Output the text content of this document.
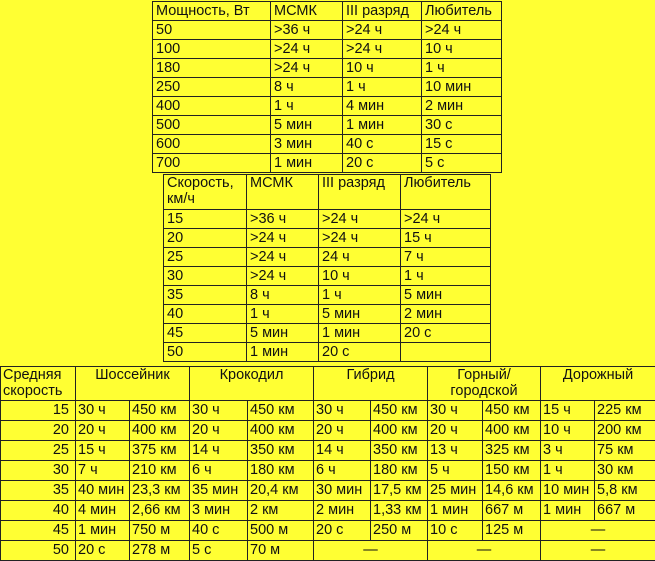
Мощность, Вт	МСМК	III разряд	Любитель
50	>36 ч	>24 ч	>24 ч
100	>24 ч	>24 ч	10 ч
180	>24 ч	10 ч	1 ч
250	8 ч	1 ч	10 мин
400	1 ч	4 мин	2 мин
500	5 мин	1 мин	30 с
600	3 мин	40 с	15 с
700	1 мин	20 с	5 с
Скорость, км/ч	МСМК	III разряд	Любитель
15	>36 ч	>24 ч	>24 ч
20	>24 ч	>24 ч	15 ч
25	>24 ч	24 ч	7 ч
30	>24 ч	10 ч	1 ч
35	8 ч	1 ч	5 мин
40	1 ч	5 мин	2 мин
45	5 мин	1 мин	20 с
50	1 мин	20 с	
Средняя скорость	Шоссейник		Крокодил		Гибрид		Горный/ городской		Дорожный	
15	30 ч	450 км	30 ч	450 км	30 ч	450 км	30 ч	450 км	15 ч	225 км
20	20 ч	400 км	20 ч	400 км	20 ч	400 км	20 ч	400 км	10 ч	200 км
25	15 ч	375 км	14 ч	350 км	14 ч	350 км	13 ч	325 км	3 ч	75 км
30	7 ч	210 км	6 ч	180 км	6 ч	180 км	5 ч	150 км	1 ч	30 км
35	40 мин	23,3 км	35 мин	20,4 км	30 мин	17,5 км	25 мин	14,6 км	10 мин	5,8 км
40	4 мин	2,66 км	3 мин	2 км	2 мин	1,33 км	1 мин	667 м	1 мин	667 м
45	1 мин	750 м	40 с	500 м	20 с	250 м	10 с	125 м	—	
50	20 с	278 м	5 с	70 м	—		—		—	
